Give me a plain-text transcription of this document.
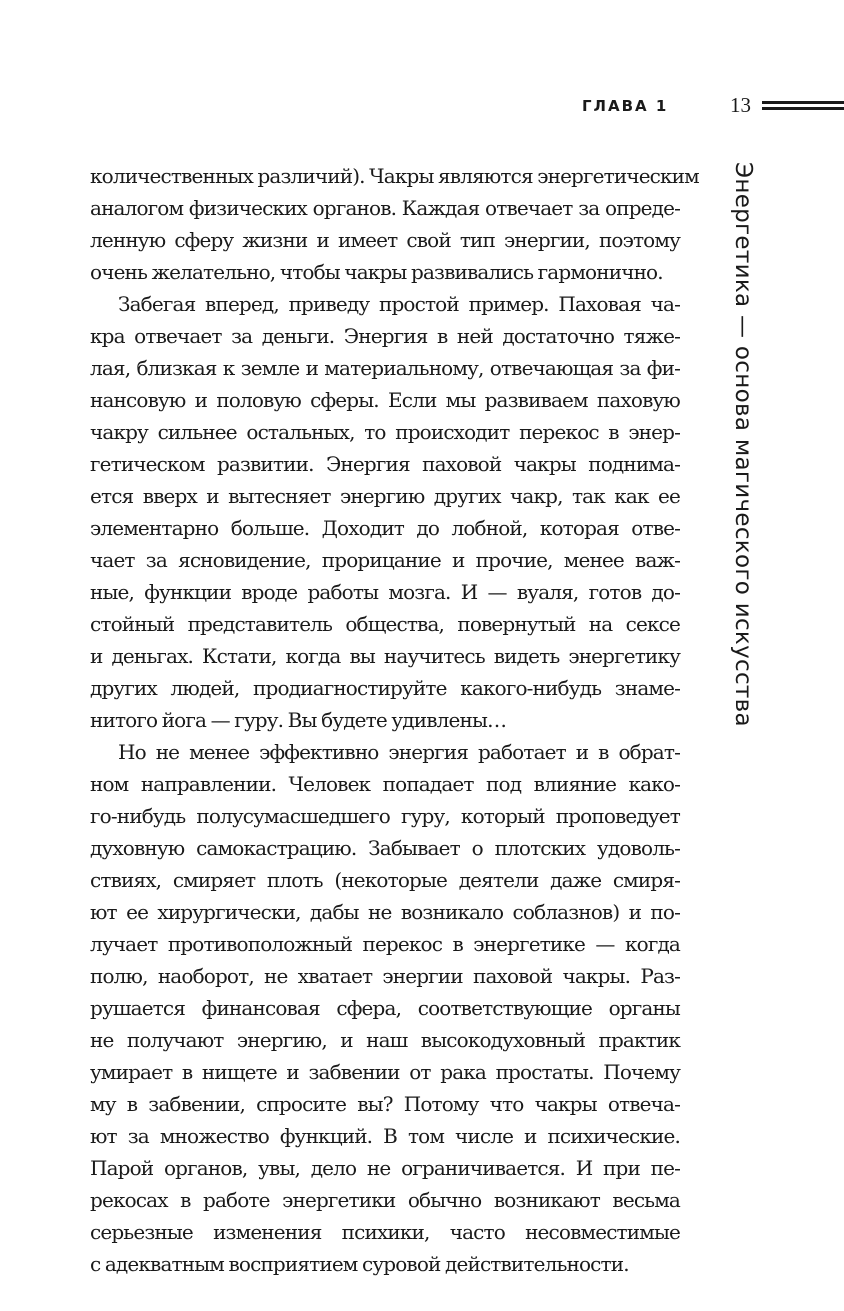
ГЛАВА 1	13
Энергетика — основа магического искусства
количественных различий). Чакры являются энергетическим
аналогом физических органов. Каждая отвечает за опреде-
ленную сферу жизни и имеет свой тип энергии, поэтому
очень желательно, чтобы чакры развивались гармонично.
Забегая вперед, приведу простой пример. Паховая ча-
кра отвечает за деньги. Энергия в ней достаточно тяже-
лая, близкая к земле и материальному, отвечающая за фи-
нансовую и половую сферы. Если мы развиваем паховую
чакру сильнее остальных, то происходит перекос в энер-
гетическом развитии. Энергия паховой чакры поднима-
ется вверх и вытесняет энергию других чакр, так как ее
элементарно больше. Доходит до лобной, которая отве-
чает за ясновидение, прорицание и прочие, менее важ-
ные, функции вроде работы мозга. И — вуаля, готов до-
стойный представитель общества, повернутый на сексе
и деньгах. Кстати, когда вы научитесь видеть энергетику
других людей, продиагностируйте какого-нибудь знаме-
нитого йога — гуру. Вы будете удивлены…
Но не менее эффективно энергия работает и в обрат-
ном направлении. Человек попадает под влияние како-
го-нибудь полусумасшедшего гуру, который проповедует
духовную самокастрацию. Забывает о плотских удоволь-
ствиях, смиряет плоть (некоторые деятели даже смиря-
ют ее хирургически, дабы не возникало соблазнов) и по-
лучает противоположный перекос в энергетике — когда
полю, наоборот, не хватает энергии паховой чакры. Раз-
рушается финансовая сфера, соответствующие органы
не получают энергию, и наш высокодуховный практик
умирает в нищете и забвении от рака простаты. Почему
му в забвении, спросите вы? Потому что чакры отвеча-
ют за множество функций. В том числе и психические.
Парой органов, увы, дело не ограничивается. И при пе-
рекосах в работе энергетики обычно возникают весьма
серьезные изменения психики, часто несовместимые
с адекватным восприятием суровой действительности.
